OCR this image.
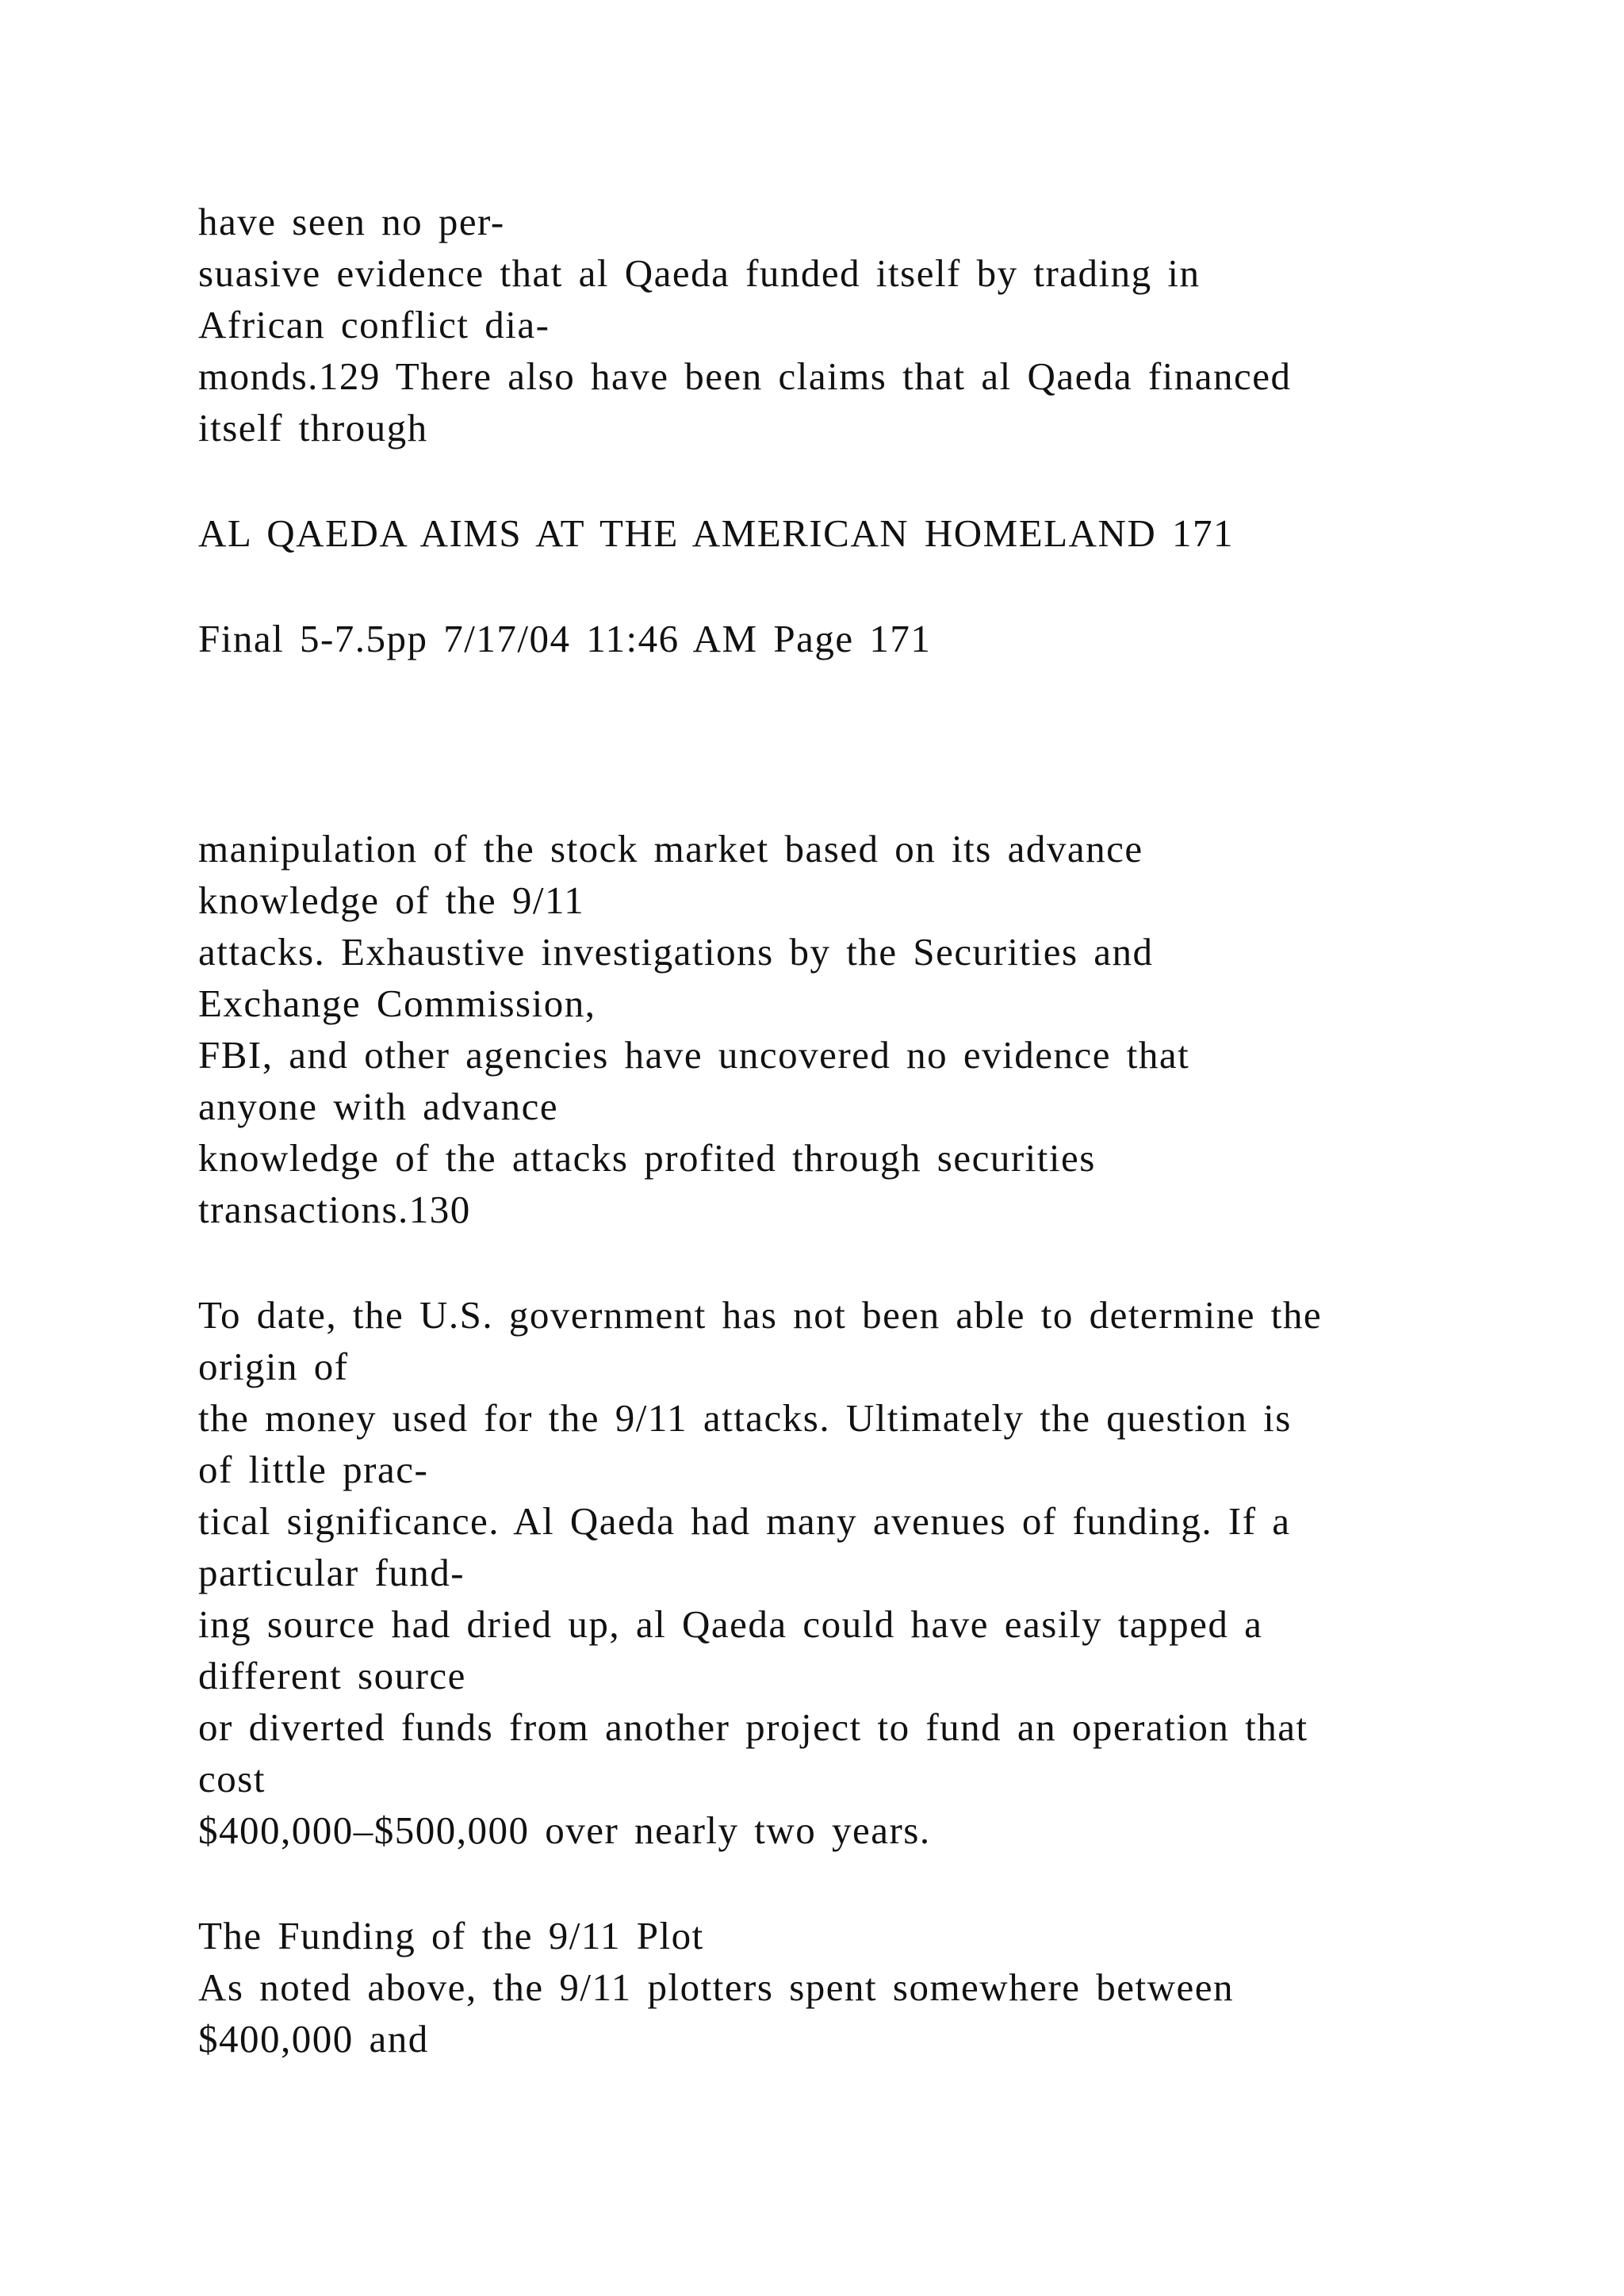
have seen no per-
suasive evidence that al Qaeda funded itself by trading in
African conflict dia-
monds.129 There also have been claims that al Qaeda financed
itself through
AL QAEDA AIMS AT THE AMERICAN HOMELAND 171
Final 5-7.5pp 7/17/04 11:46 AM Page 171
manipulation of the stock market based on its advance
knowledge of the 9/11
attacks. Exhaustive investigations by the Securities and
Exchange Commission,
FBI, and other agencies have uncovered no evidence that
anyone with advance
knowledge of the attacks profited through securities
transactions.130
To date, the U.S. government has not been able to determine the
origin of
the money used for the 9/11 attacks. Ultimately the question is
of little prac-
tical significance. Al Qaeda had many avenues of funding. If a
particular fund-
ing source had dried up, al Qaeda could have easily tapped a
different source
or diverted funds from another project to fund an operation that
cost
$400,000–$500,000 over nearly two years.
The Funding of the 9/11 Plot
As noted above, the 9/11 plotters spent somewhere between
$400,000 and
